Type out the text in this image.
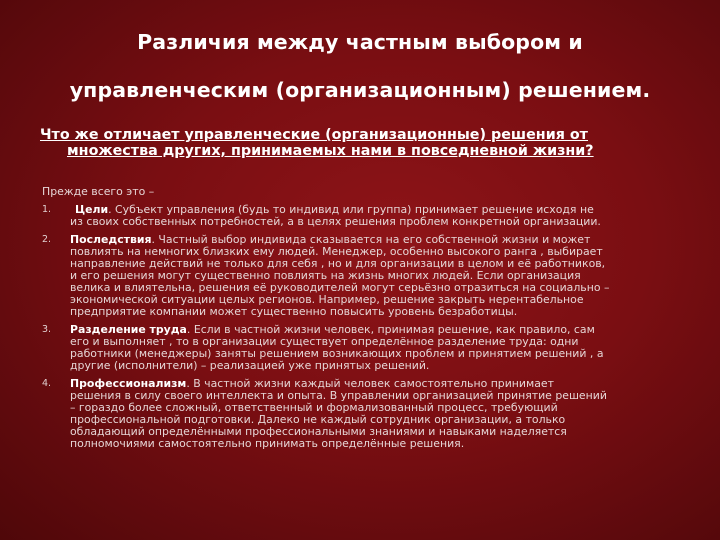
Различия между частным выбором и
управленческим (организационным) решением.
Что же отличает управленческие (организационные) решения от
множества других, принимаемых нами в повседневной жизни?
Прежде всего это –
1.	Цели. Субъект управления (будь то индивид или группа) принимает решение исходя не
из своих собственных потребностей, а в целях решения проблем конкретной организации.
2. Последствия. Частный выбор индивида сказывается на его собственной жизни и может
повлиять на немногих близких ему людей. Менеджер, особенно высокого ранга , выбирает
направление действий не только для себя , но и для организации в целом и её работников,
и его решения могут существенно повлиять на жизнь многих людей. Если организация
велика и влиятельна, решения её руководителей могут серьёзно отразиться на социально –
экономической ситуации целых регионов. Например, решение закрыть нерентабельное
предприятие компании может существенно повысить уровень безработицы.
3. Разделение труда. Если в частной жизни человек, принимая решение, как правило, сам
его и выполняет , то в организации существует определённое разделение труда: одни
работники (менеджеры) заняты решением возникающих проблем и принятием решений , а
другие (исполнители) – реализацией уже принятых решений.
4. Профессионализм. В частной жизни каждый человек самостоятельно принимает
решения в силу своего интеллекта и опыта. В управлении организацией принятие решений
– гораздо более сложный, ответственный и формализованный процесс, требующий
профессиональной подготовки. Далеко не каждый сотрудник организации, а только
обладающий определёнными профессиональными знаниями и навыками наделяется
полномочиями самостоятельно принимать определённые решения.
